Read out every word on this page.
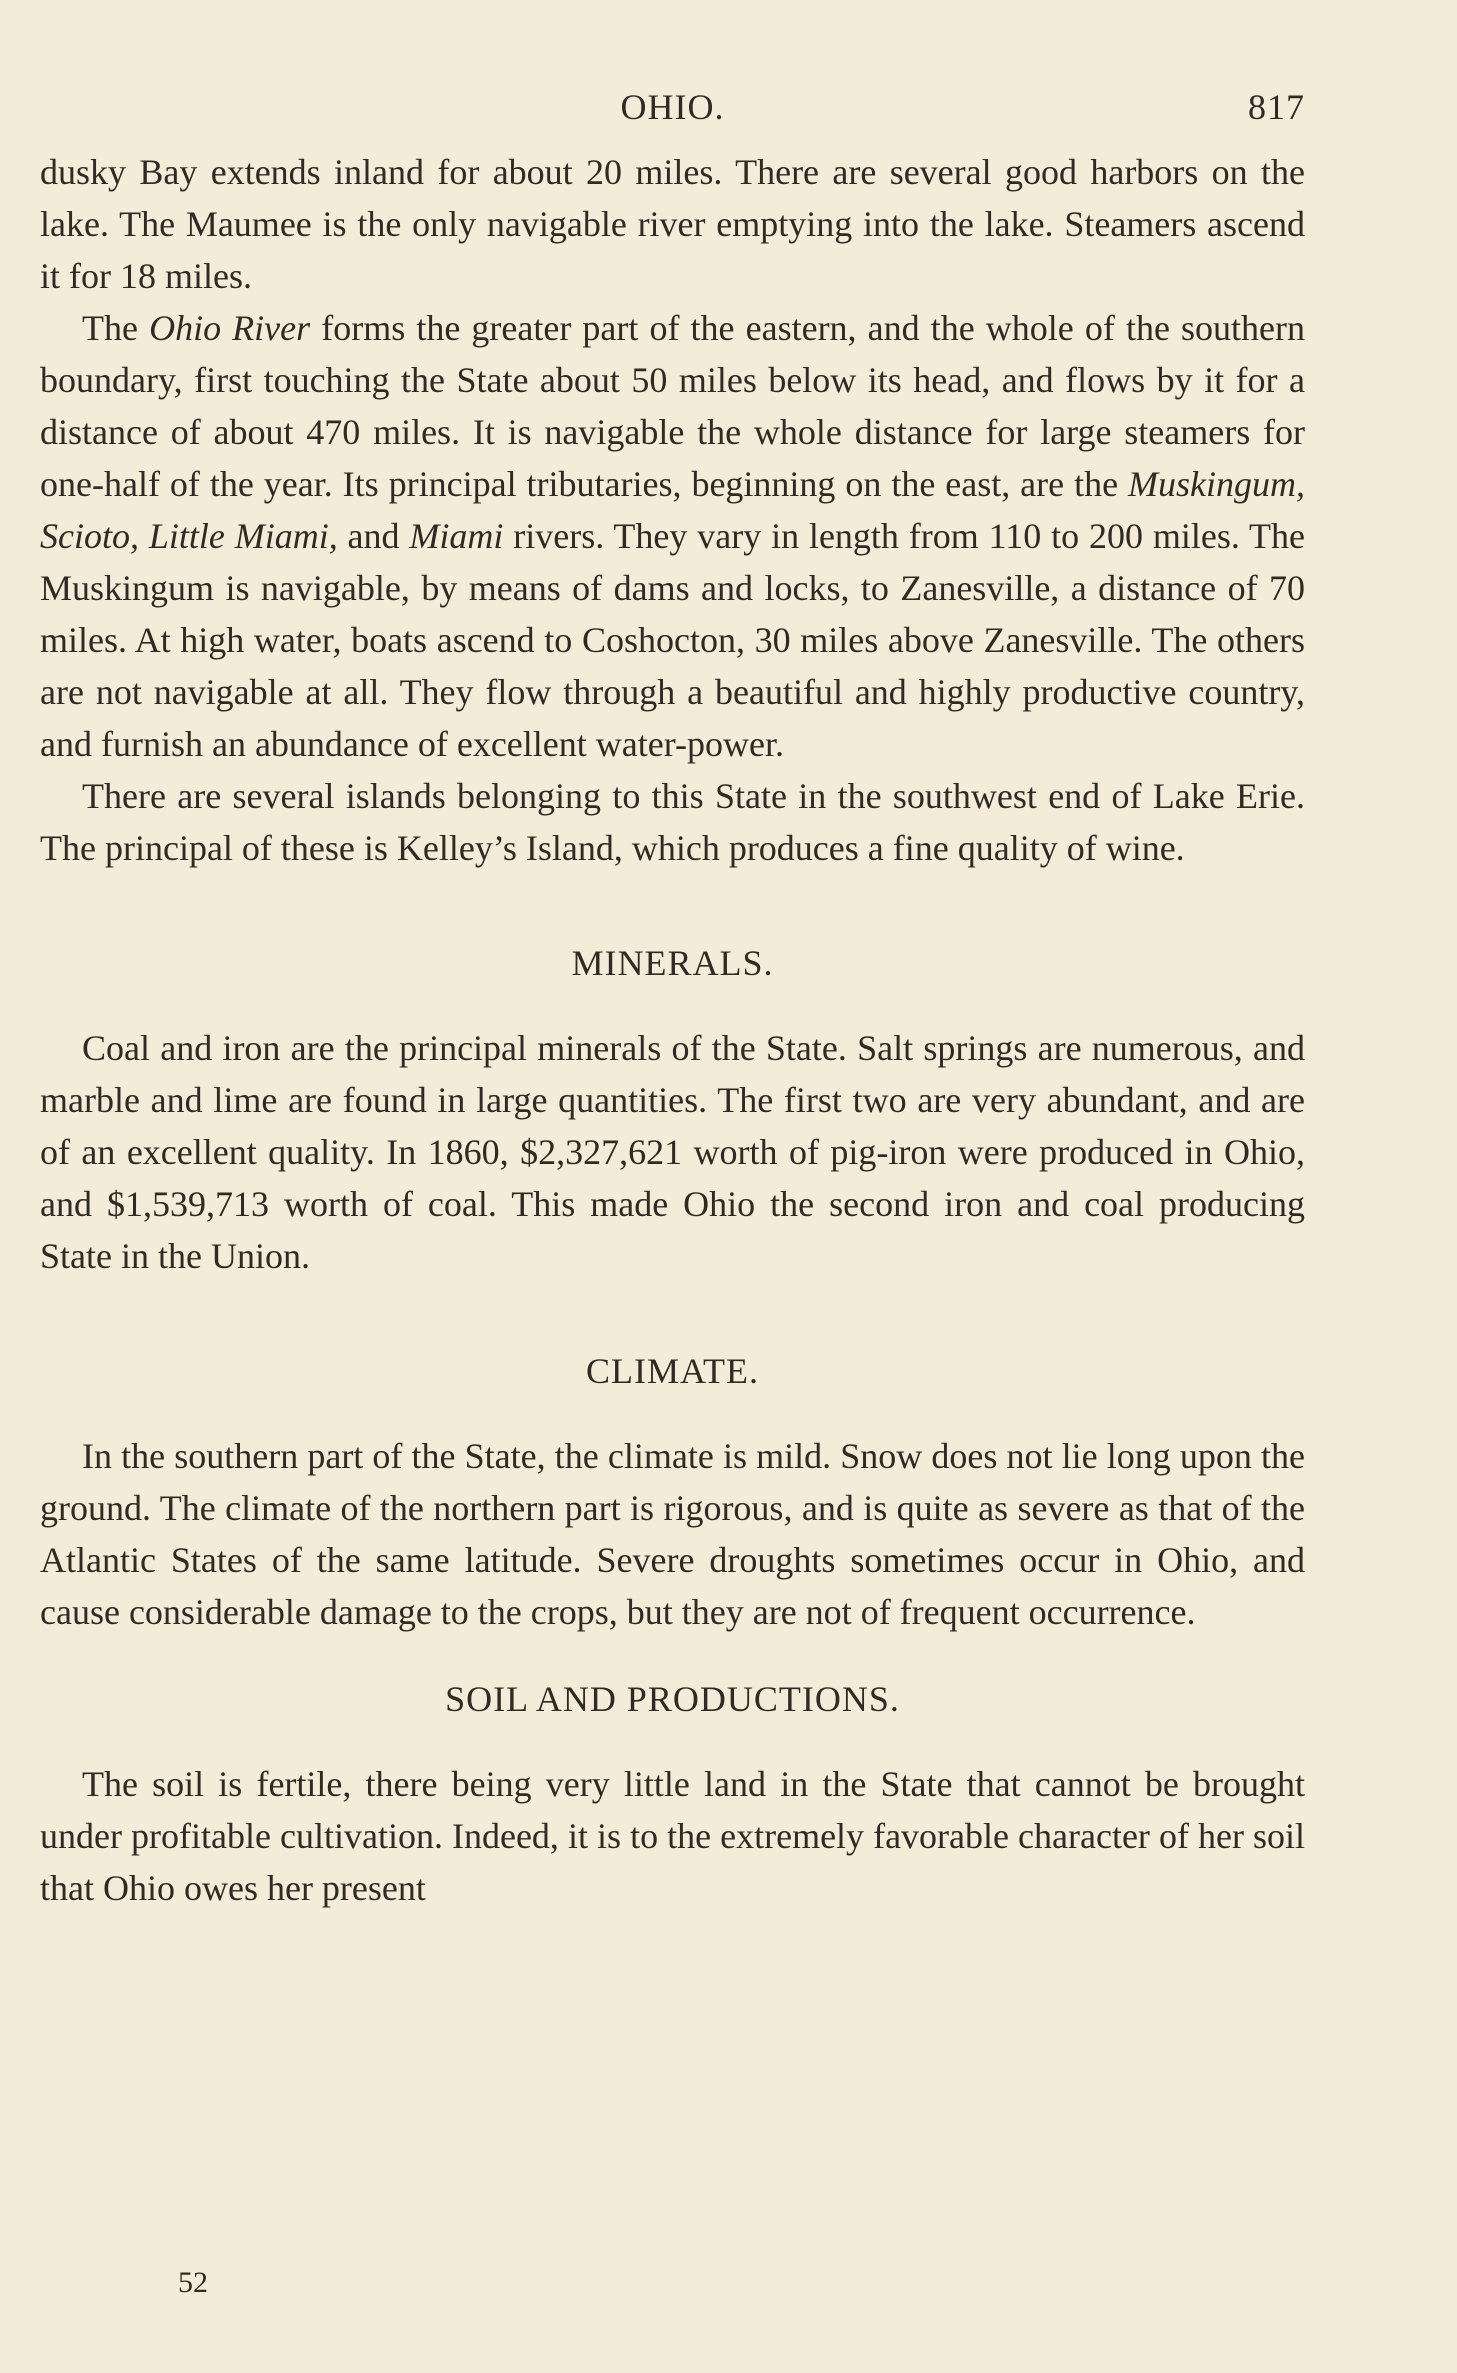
OHIO.	817

dusky Bay extends inland for about 20 miles. There are several good harbors on the lake. The Maumee is the only navigable river emptying into the lake. Steamers ascend it for 18 miles.

The Ohio River forms the greater part of the eastern, and the whole of the southern boundary, first touching the State about 50 miles below its head, and flows by it for a distance of about 470 miles. It is navigable the whole distance for large steamers for one-half of the year. Its principal tributaries, beginning on the east, are the Muskingum, Scioto, Little Miami, and Miami rivers. They vary in length from 110 to 200 miles. The Muskingum is navigable, by means of dams and locks, to Zanesville, a distance of 70 miles. At high water, boats ascend to Coshocton, 30 miles above Zanesville. The others are not navigable at all. They flow through a beautiful and highly productive country, and furnish an abundance of excellent water-power.

There are several islands belonging to this State in the southwest end of Lake Erie. The principal of these is Kelley’s Island, which produces a fine quality of wine.

MINERALS.

Coal and iron are the principal minerals of the State. Salt springs are numerous, and marble and lime are found in large quantities. The first two are very abundant, and are of an excellent quality. In 1860, $2,327,621 worth of pig-iron were produced in Ohio, and $1,539,713 worth of coal. This made Ohio the second iron and coal producing State in the Union.

CLIMATE.

In the southern part of the State, the climate is mild. Snow does not lie long upon the ground. The climate of the northern part is rigorous, and is quite as severe as that of the Atlantic States of the same latitude. Severe droughts sometimes occur in Ohio, and cause considerable damage to the crops, but they are not of frequent occurrence.

SOIL AND PRODUCTIONS.

The soil is fertile, there being very little land in the State that cannot be brought under profitable cultivation. Indeed, it is to the extremely favorable character of her soil that Ohio owes her present

52
